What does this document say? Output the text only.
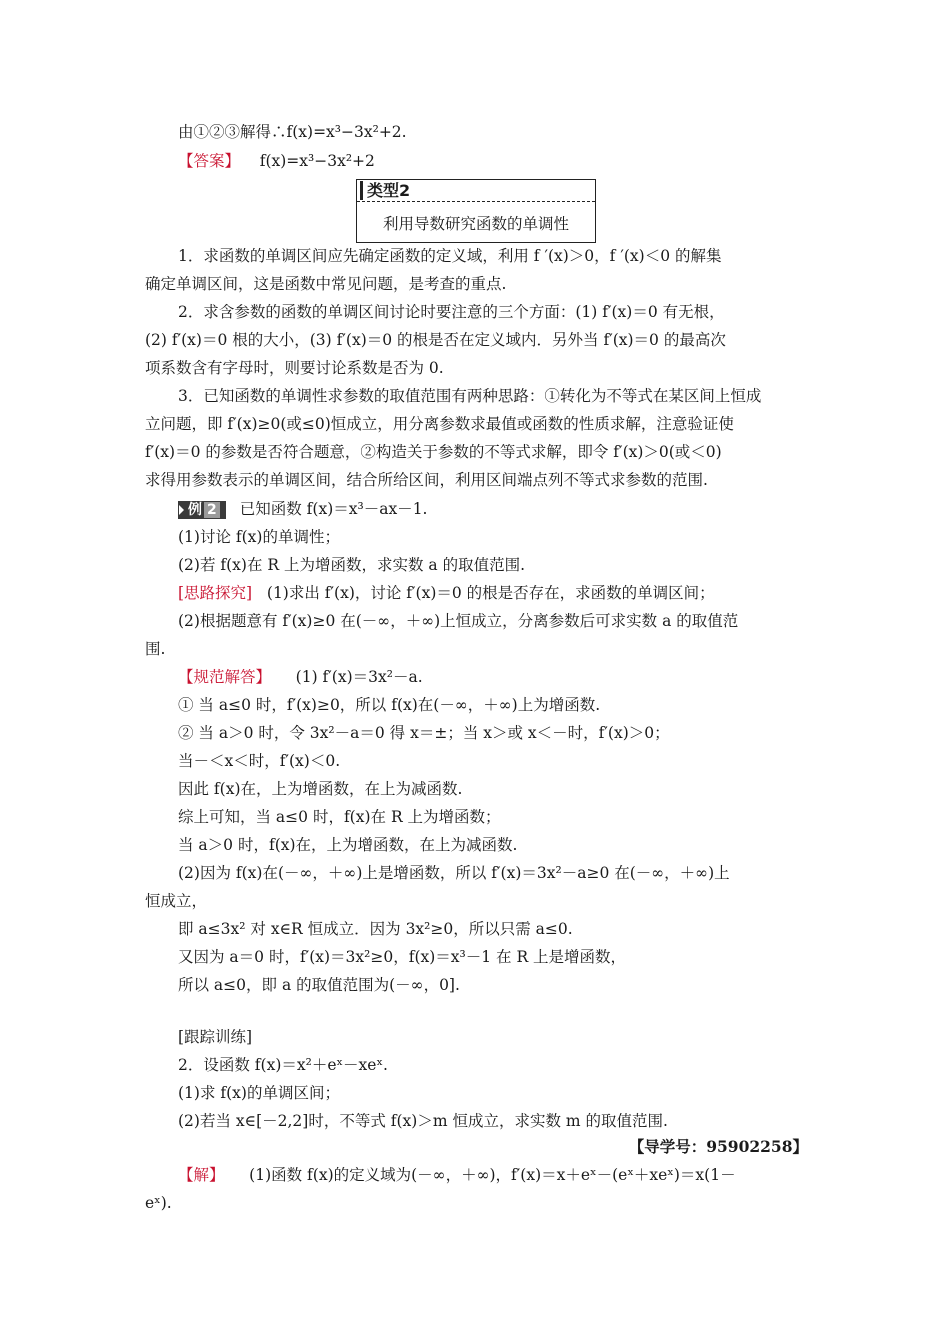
由①②③解得∴f(x)=x³−3x²+2.
【答案】 f(x)=x³−3x²+2
类型2
利用导数研究函数的单调性
1．求函数的单调区间应先确定函数的定义域，利用 f ′(x)＞0，f ′(x)＜0 的解集
确定单调区间，这是函数中常见问题，是考查的重点.
2．求含参数的函数的单调区间讨论时要注意的三个方面：(1) f′(x)＝0 有无根，
(2) f′(x)＝0 根的大小，(3) f′(x)＝0 的根是否在定义域内．另外当 f′(x)＝0 的最高次
项系数含有字母时，则要讨论系数是否为 0.
3．已知函数的单调性求参数的取值范围有两种思路：①转化为不等式在某区间上恒成
立问题，即 f′(x)≥0(或≤0)恒成立，用分离参数求最值或函数的性质求解，注意验证使
f′(x)＝0 的参数是否符合题意，②构造关于参数的不等式求解，即令 f′(x)＞0(或＜0)
求得用参数表示的单调区间，结合所给区间，利用区间端点列不等式求参数的范围.
例 2 已知函数 f(x)＝x³－ax－1.
(1)讨论 f(x)的单调性；
(2)若 f(x)在 R 上为增函数，求实数 a 的取值范围.
[思路探究] (1)求出 f′(x)，讨论 f′(x)＝0 的根是否存在，求函数的单调区间；
(2)根据题意有 f′(x)≥0 在(－∞，＋∞)上恒成立，分离参数后可求实数 a 的取值范
围.
【规范解答】 (1) f′(x)＝3x²－a.
① 当 a≤0 时，f′(x)≥0，所以 f(x)在(－∞，＋∞)上为增函数.
② 当 a＞0 时，令 3x²－a＝0 得 x＝±；当 x＞或 x＜－时，f′(x)＞0；
当－＜x＜时，f′(x)＜0.
因此 f(x)在，上为增函数，在上为减函数.
综上可知，当 a≤0 时，f(x)在 R 上为增函数；
当 a＞0 时，f(x)在，上为增函数，在上为减函数.
(2)因为 f(x)在(－∞，＋∞)上是增函数，所以 f′(x)＝3x²－a≥0 在(－∞，＋∞)上
恒成立，
即 a≤3x² 对 x∈R 恒成立．因为 3x²≥0，所以只需 a≤0.
又因为 a＝0 时，f′(x)＝3x²≥0，f(x)＝x³－1 在 R 上是增函数，
所以 a≤0，即 a 的取值范围为(－∞，0].
[跟踪训练]
2．设函数 f(x)＝x²＋eˣ－xeˣ.
(1)求 f(x)的单调区间；
(2)若当 x∈[－2,2]时，不等式 f(x)＞m 恒成立，求实数 m 的取值范围.
【导学号：95902258】
【解】 (1)函数 f(x)的定义域为(－∞，＋∞)，f′(x)＝x＋eˣ－(eˣ＋xeˣ)＝x(1－
eˣ).
